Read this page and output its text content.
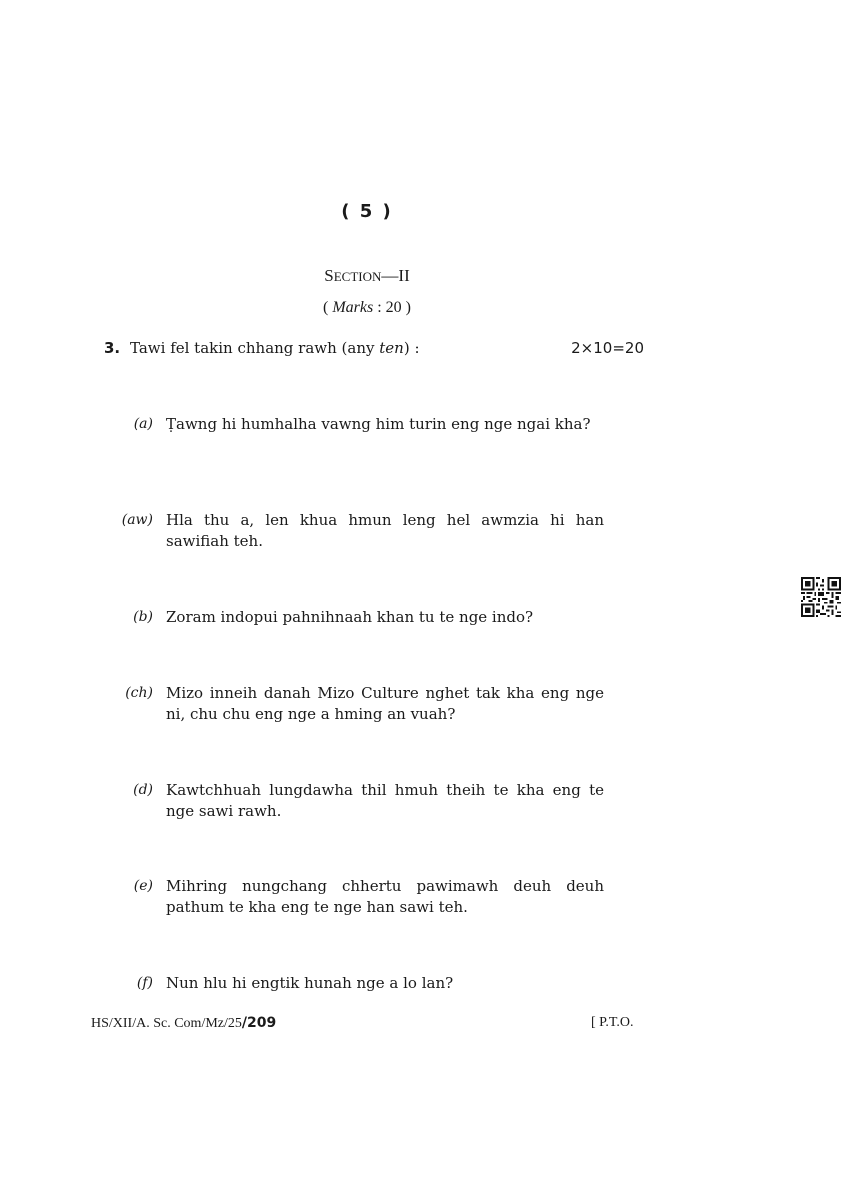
( 5 )
SECTION—II
( Marks : 20 )
3. Tawi fel takin chhang rawh (any ten) :	2×10=20
(a) Ṭawng hi humhalha vawng him turin eng nge ngai kha?
(aw) Hla thu a, len khua hmun leng hel awmzia hi han sawifiah teh.
(b) Zoram indopui pahnihnaah khan tu te nge indo?
(ch) Mizo inneih danah Mizo Culture nghet tak kha eng nge ni, chu chu eng nge a hming an vuah?
(d) Kawtchhuah lungdawha thil hmuh theih te kha eng te nge sawi rawh.
(e) Mihring nungchang chhertu pawimawh deuh deuh pathum te kha eng te nge han sawi teh.
(f) Nun hlu hi engtik hunah nge a lo lan?
HS/XII/A. Sc. Com/Mz/25/209	[ P.T.O.
